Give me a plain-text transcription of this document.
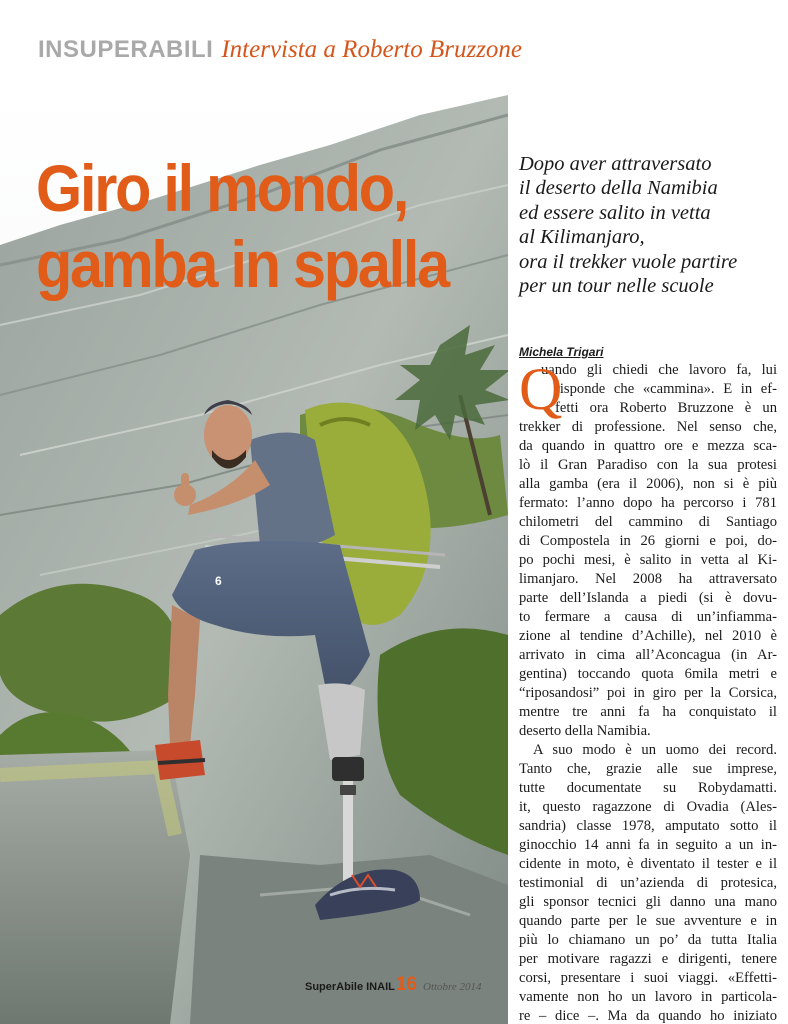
6
INSUPERABILI Intervista a Roberto Bruzzone
Giro il mondo,
gamba in spalla
Dopo aver attraversato
il deserto della Namibia
ed essere salito in vetta
al Kilimanjaro,
ora il trekker vuole partire
per un tour nelle scuole
Michela Trigari
Q
uando gli chiedi che lavoro fa, lui
risponde che «cammina». E in ef-
fetti ora Roberto Bruzzone è un
trekker di professione. Nel senso che,
da quando in quattro ore e mezza sca-
lò il Gran Paradiso con la sua protesi
alla gamba (era il 2006), non si è più
fermato: l’anno dopo ha percorso i 781
chilometri del cammino di Santiago
di Compostela in 26 giorni e poi, do-
po pochi mesi, è salito in vetta al Ki-
limanjaro. Nel 2008 ha attraversato
parte dell’Islanda a piedi (si è dovu-
to fermare a causa di un’infiamma-
zione al tendine d’Achille), nel 2010 è
arrivato in cima all’Aconcagua (in Ar-
gentina) toccando quota 6mila metri e
“riposandosi” poi in giro per la Corsica,
mentre tre anni fa ha conquistato il
deserto della Namibia.
A suo modo è un uomo dei record.
Tanto che, grazie alle sue imprese,
tutte documentate su Robydamatti.
it, questo ragazzone di Ovadia (Ales-
sandria) classe 1978, amputato sotto il
ginocchio 14 anni fa in seguito a un in-
cidente in moto, è diventato il tester e il
testimonial di un’azienda di protesica,
gli sponsor tecnici gli danno una mano
quando parte per le sue avventure e in
più lo chiamano un po’ da tutta Italia
per motivare ragazzi e dirigenti, tenere
corsi, presentare i suoi viaggi. «Effetti-
vamente non ho un lavoro in particola-
re – dice –. Ma da quando ho iniziato
SuperAbile INAIL16 Ottobre 2014
